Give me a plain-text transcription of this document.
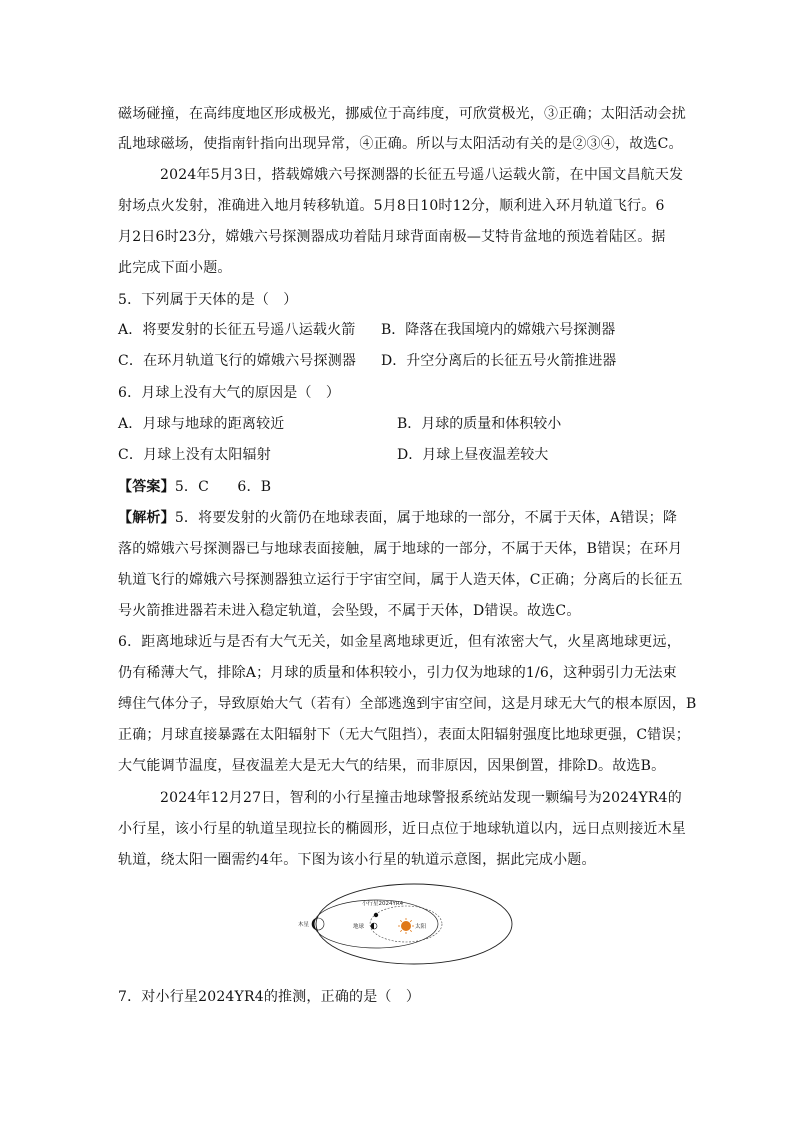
磁场碰撞，在高纬度地区形成极光，挪威位于高纬度，可欣赏极光，③正确；太阳活动会扰
乱地球磁场，使指南针指向出现异常，④正确。所以与太阳活动有关的是②③④，故选C。
2024年5月3日，搭载嫦娥六号探测器的长征五号遥八运载火箭，在中国文昌航天发
射场点火发射，准确进入地月转移轨道。5月8日10时12分，顺利进入环月轨道飞行。6
月2日6时23分，嫦娥六号探测器成功着陆月球背面南极—艾特肯盆地的预选着陆区。据
此完成下面小题。
5．下列属于天体的是（　）
A．将要发射的长征五号遥八运载火箭 B．降落在我国境内的嫦娥六号探测器
C．在环月轨道飞行的嫦娥六号探测器 D．升空分离后的长征五号火箭推进器
6．月球上没有大气的原因是（　）
A．月球与地球的距离较近	B．月球的质量和体积较小
C．月球上没有太阳辐射	D．月球上昼夜温差较大
【答案】5．C　　6．B
【解析】5．将要发射的火箭仍在地球表面，属于地球的一部分，不属于天体，A错误；降
落的嫦娥六号探测器已与地球表面接触，属于地球的一部分，不属于天体，B错误；在环月
轨道飞行的嫦娥六号探测器独立运行于宇宙空间，属于人造天体，C正确；分离后的长征五
号火箭推进器若未进入稳定轨道，会坠毁，不属于天体，D错误。故选C。
6．距离地球近与是否有大气无关，如金星离地球更近，但有浓密大气，火星离地球更远，
仍有稀薄大气，排除A；月球的质量和体积较小，引力仅为地球的1/6，这种弱引力无法束
缚住气体分子，导致原始大气（若有）全部逃逸到宇宙空间，这是月球无大气的根本原因，B
正确；月球直接暴露在太阳辐射下（无大气阻挡），表面太阳辐射强度比地球更强，C错误；
大气能调节温度，昼夜温差大是无大气的结果，而非原因，因果倒置，排除D。故选B。
2024年12月27日，智利的小行星撞击地球警报系统站发现一颗编号为2024YR4的
小行星，该小行星的轨道呈现拉长的椭圆形，近日点位于地球轨道以内，远日点则接近木星
轨道，绕太阳一圈需约4年。下图为该小行星的轨道示意图，据此完成小题。
木星
小行星2024YR4
地球	太阳
7．对小行星2024YR4的推测，正确的是（　）
